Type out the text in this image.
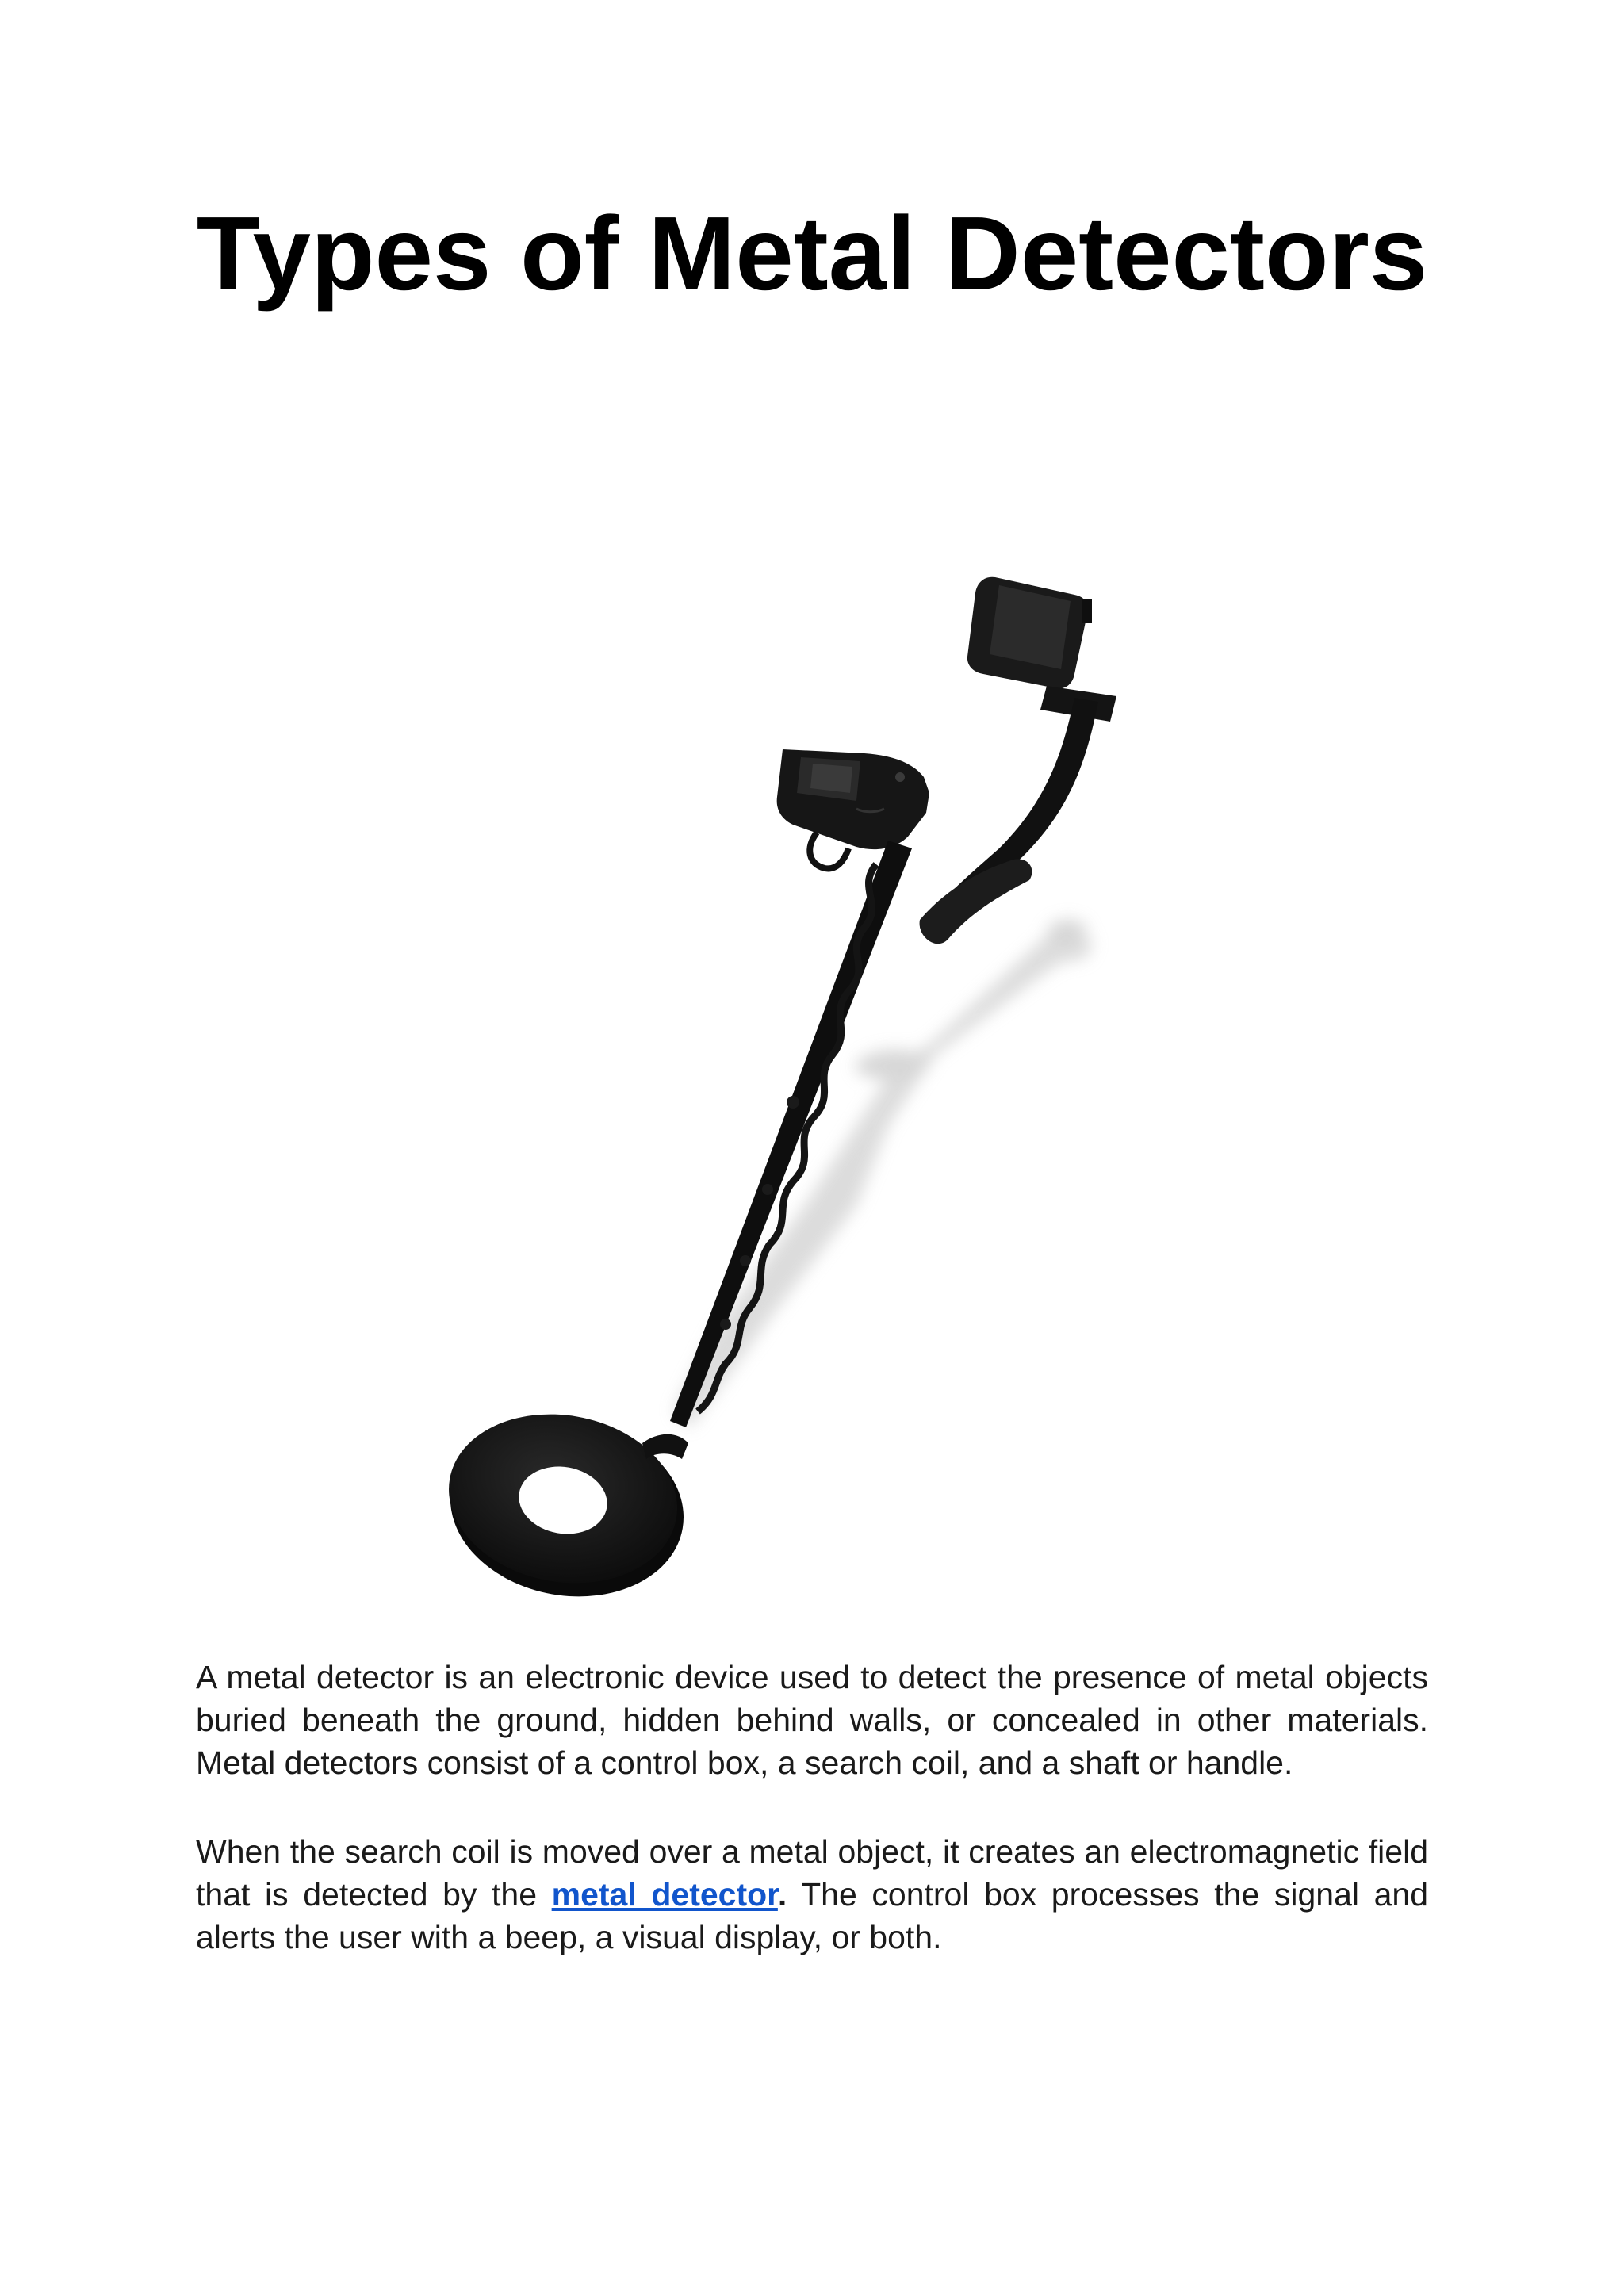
Types of Metal Detectors

A metal detector is an electronic device used to detect the presence of metal objects buried beneath the ground, hidden behind walls, or concealed in other materials. Metal detectors consist of a control box, a search coil, and a shaft or handle.

When the search coil is moved over a metal object, it creates an electromagnetic field that is detected by the metal detector. The control box processes the signal and alerts the user with a beep, a visual display, or both.
